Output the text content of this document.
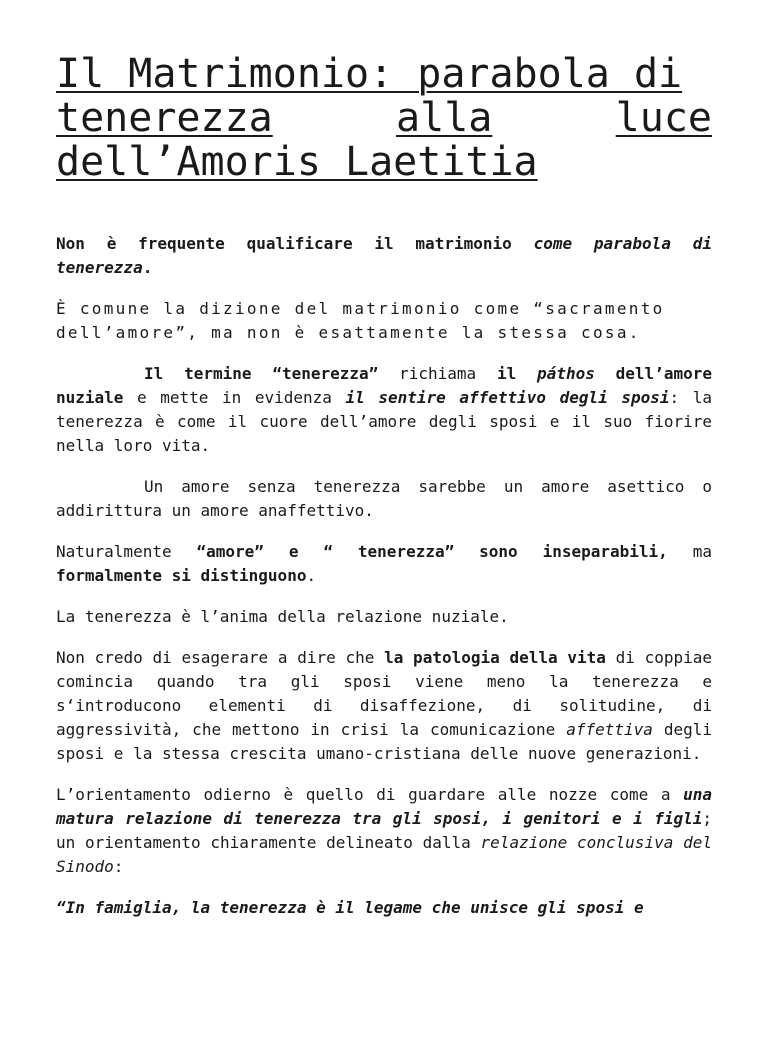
Il Matrimonio: parabola di
tenerezza	alla	luce
dell’Amoris Laetitia

Non è frequente qualificare il matrimonio come parabola di tenerezza.

È comune la dizione del matrimonio come “sacramento dell’amore”, ma non è esattamente la stessa cosa.

Il termine “tenerezza” richiama il páthos dell’amore nuziale e mette in evidenza il sentire affettivo degli sposi: la tenerezza è come il cuore dell’amore degli sposi e il suo fiorire nella loro vita.

Un amore senza tenerezza sarebbe un amore asettico o addirittura un amore anaffettivo.

Naturalmente “amore” e “ tenerezza” sono inseparabili, ma formalmente si distinguono.

La tenerezza è l’anima della relazione nuziale.

Non credo di esagerare a dire che la patologia della vita di coppiae comincia quando tra gli sposi viene meno la tenerezza e s‘introducono elementi di disaffezione, di solitudine, di aggressività, che mettono in crisi la comunicazione affettiva degli sposi e la stessa crescita umano-cristiana delle nuove generazioni.

L’orientamento odierno è quello di guardare alle nozze come a una matura relazione di tenerezza tra gli sposi, i genitori e i figli; un orientamento chiaramente delineato dalla relazione conclusiva del Sinodo:

“In famiglia, la tenerezza è il legame che unisce gli sposi e
